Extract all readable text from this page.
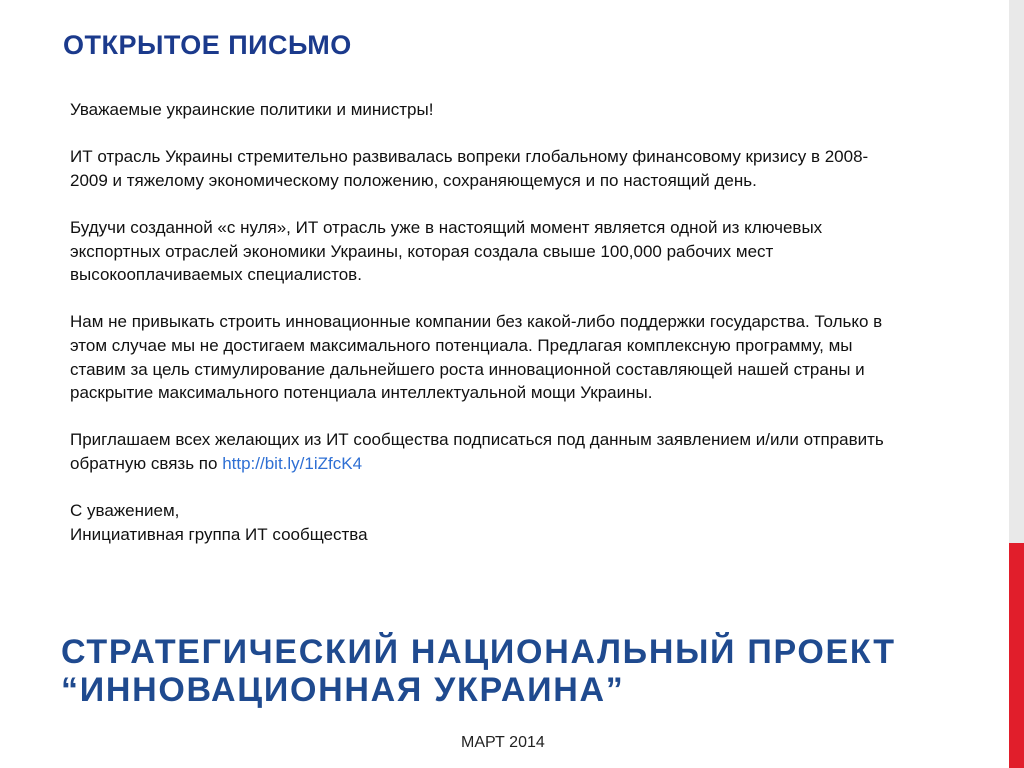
ОТКРЫТОЕ ПИСЬМО

Уважаемые украинские политики и министры!

ИТ отрасль Украины стремительно развивалась вопреки глобальному финансовому кризису в 2008-2009 и тяжелому экономическому положению, сохраняющемуся и по настоящий день.

Будучи созданной «с нуля», ИТ отрасль уже в настоящий момент является одной из ключевых экспортных отраслей экономики Украины, которая создала свыше 100,000 рабочих мест высокооплачиваемых специалистов.

Нам не привыкать строить инновационные компании без какой-либо поддержки государства. Только в этом случае мы не достигаем максимального потенциала. Предлагая комплексную программу, мы ставим за цель стимулирование дальнейшего роста инновационной составляющей нашей страны и раскрытие максимального потенциала интеллектуальной мощи Украины.

Приглашаем всех желающих из ИТ сообщества подписаться под данным заявлением и/или отправить обратную связь по http://bit.ly/1iZfcK4

С уважением,

Инициативная группа ИТ сообщества

СТРАТЕГИЧЕСКИЙ НАЦИОНАЛЬНЫЙ ПРОЕКТ
“ИННОВАЦИОННАЯ УКРАИНА”
МАРТ 2014
